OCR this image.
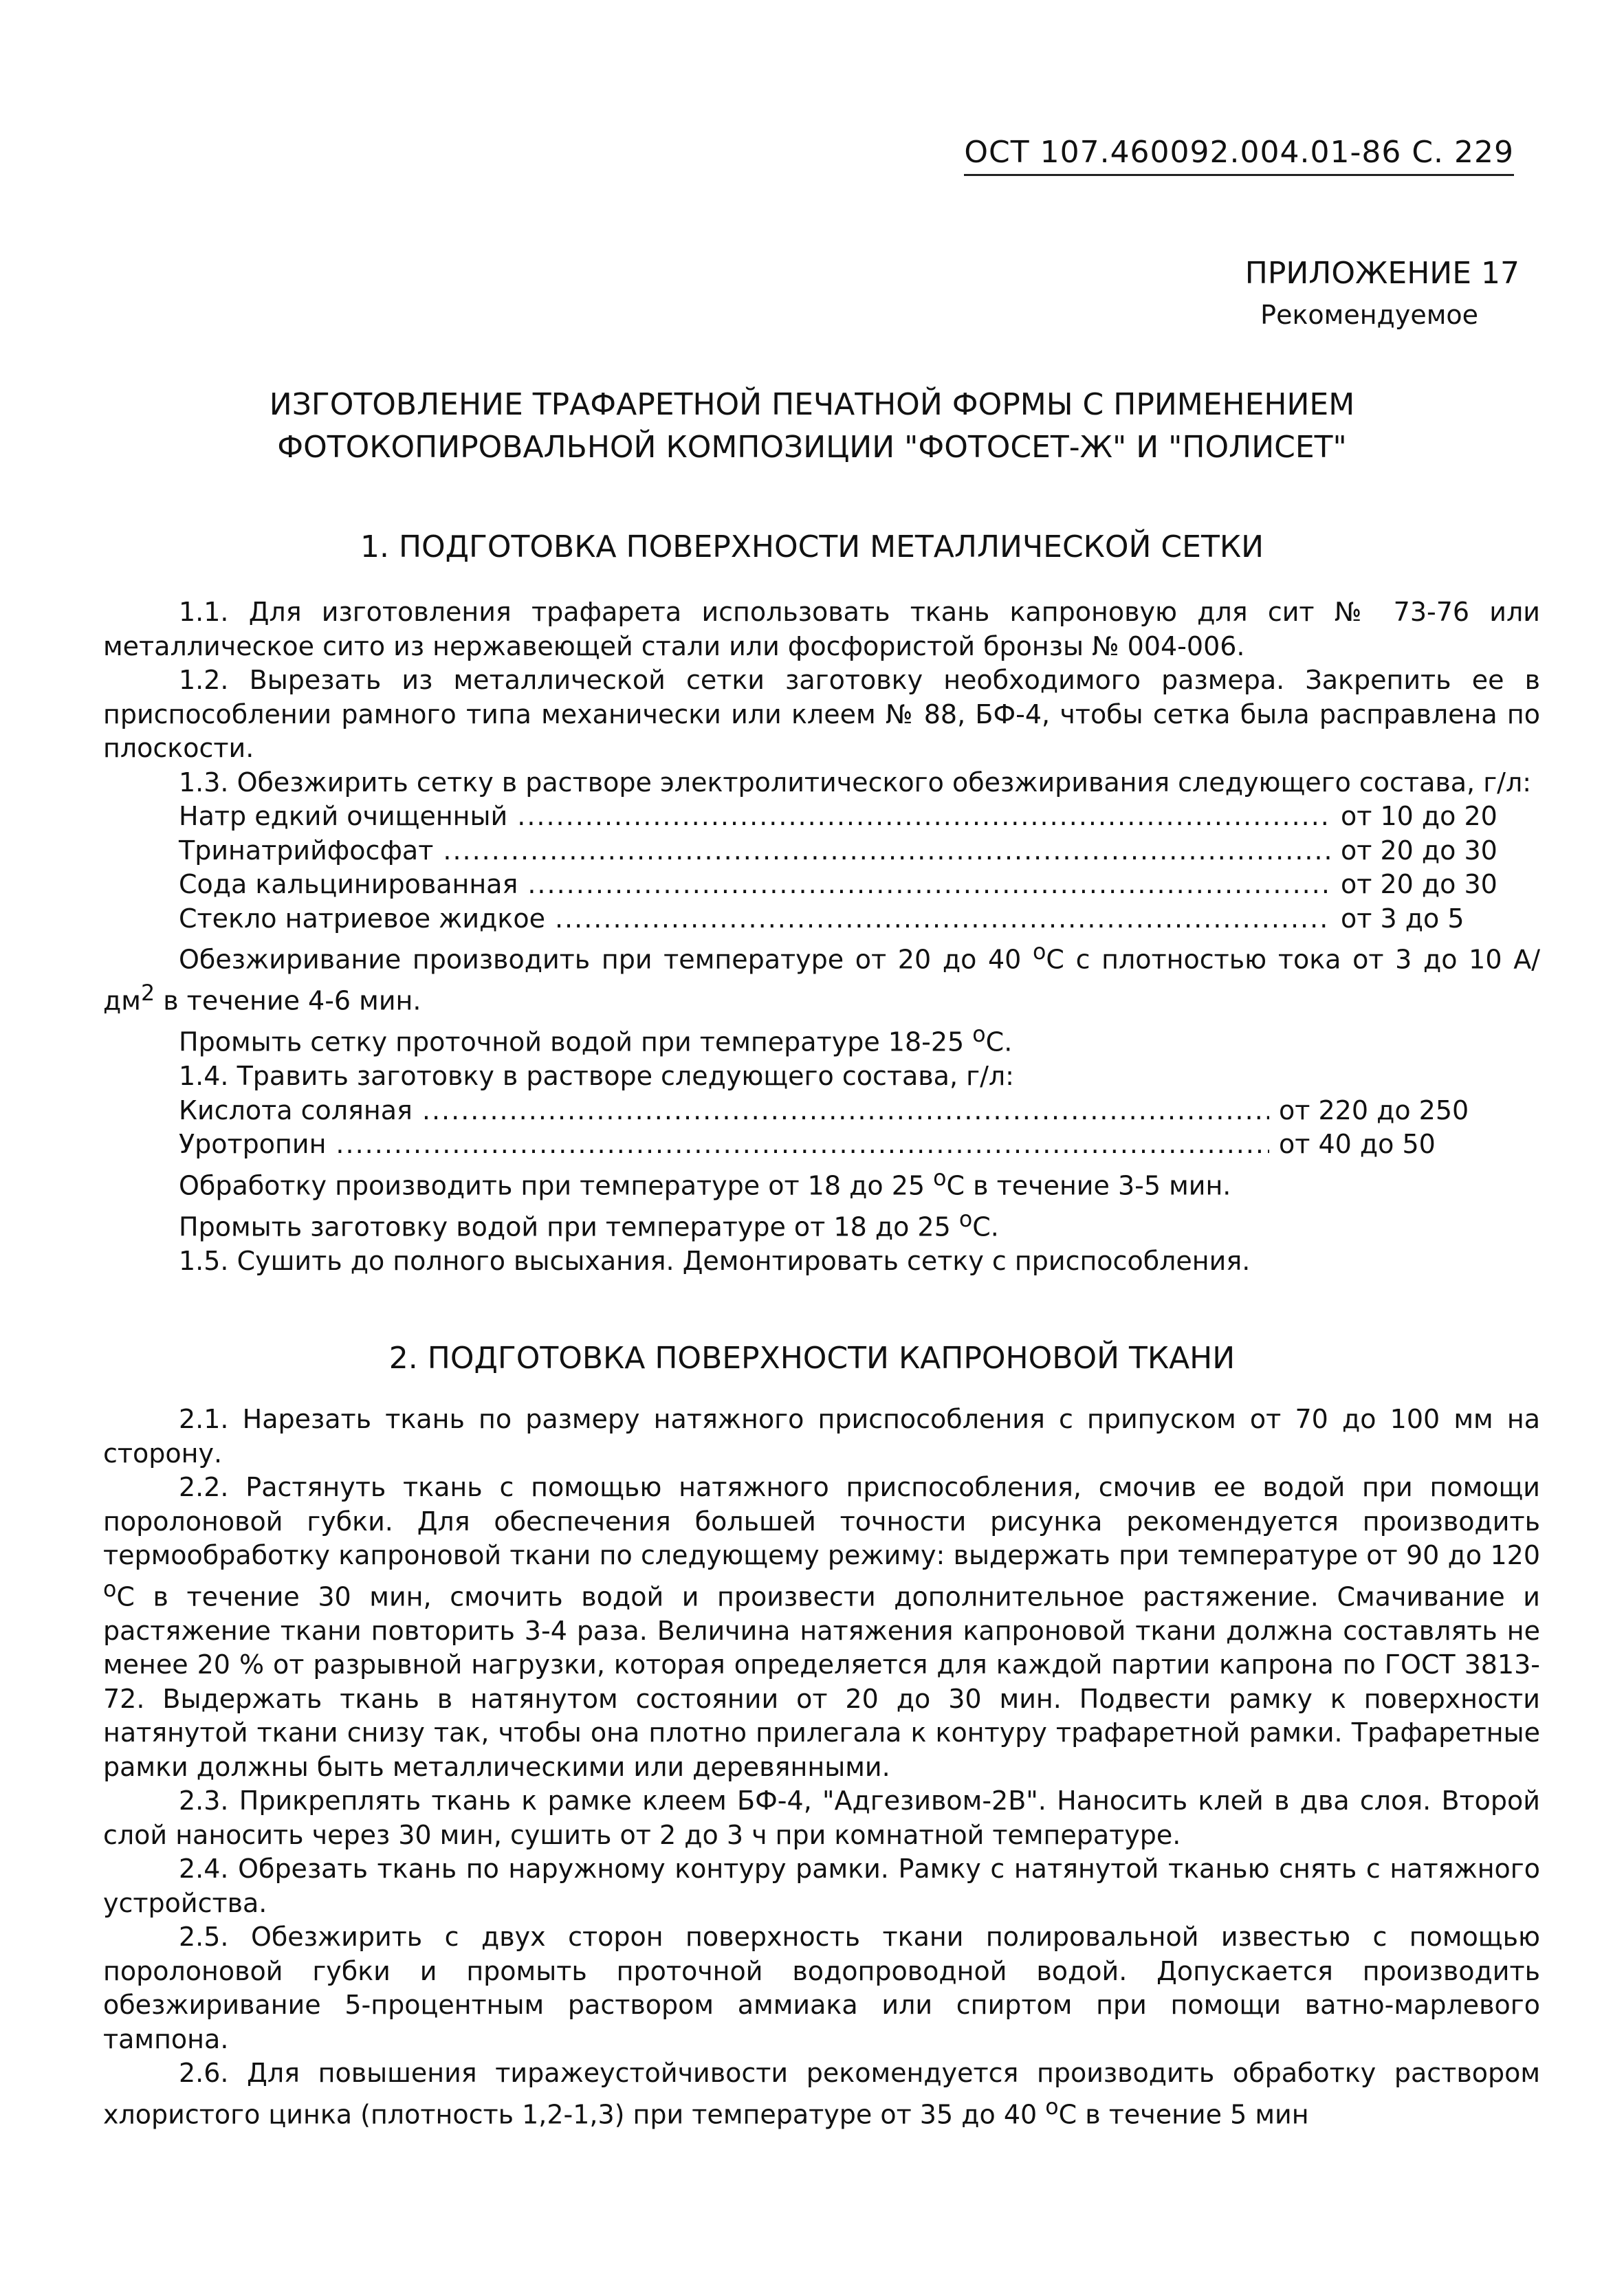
ОСТ 107.460092.004.01-86 С. 229
ПРИЛОЖЕНИЕ 17
Рекомендуемое
ИЗГОТОВЛЕНИЕ ТРАФАРЕТНОЙ ПЕЧАТНОЙ ФОРМЫ С ПРИМЕНЕНИЕМ
ФОТОКОПИРОВАЛЬНОЙ КОМПОЗИЦИИ "ФОТОСЕТ-Ж" И "ПОЛИСЕТ"
1. ПОДГОТОВКА ПОВЕРХНОСТИ МЕТАЛЛИЧЕСКОЙ СЕТКИ

1.1. Для изготовления трафарета использовать ткань капроновую для сит № 73-76 или металлическое сито из нержавеющей стали или фосфористой бронзы № 004-006.

1.2. Вырезать из металлической сетки заготовку необходимого размера. Закрепить ее в приспособлении рамного типа механически или клеем № 88, БФ-4, чтобы сетка была расправлена по плоскости.

1.3. Обезжирить сетку в растворе электролитического обезжиривания следующего состава, г/л:

Натр едкий очищенный .....	от 10 до 20
Тринатрийфосфат .....	от 20 до 30
Сода кальцинированная .....	от 20 до 30
Стекло натриевое жидкое .....	от 3 до 5

Обезжиривание производить при температуре от 20 до 40 $^о$С с плотностью тока от 3 до 10 $А/дм^2$ в течение 4-6 мин.

Промыть сетку проточной водой при температуре 18-25 $^о$С.

1.4. Травить заготовку в растворе следующего состава, г/л:

Кислота соляная .....	от 220 до 250
Уротропин .....	от 40 до 50

Обработку производить при температуре от 18 до 25 $^о$С в течение 3-5 мин.

Промыть заготовку водой при температуре от 18 до 25 $^о$С.

1.5. Сушить до полного высыхания. Демонтировать сетку с приспособления.

2. ПОДГОТОВКА ПОВЕРХНОСТИ КАПРОНОВОЙ ТКАНИ

2.1. Нарезать ткань по размеру натяжного приспособления с припуском от 70 до 100 мм на сторону.

2.2. Растянуть ткань с помощью натяжного приспособления, смочив ее водой при помощи поролоновой губки. Для обеспечения большей точности рисунка рекомендуется производить термообработку капроновой ткани по следующему режиму: выдержать при температуре от 90 до 120 $^о$С в течение 30 мин, смочить водой и произвести дополнительное растяжение. Смачивание и растяжение ткани повторить 3-4 раза. Величина натяжения капроновой ткани должна составлять не менее 20 % от разрывной нагрузки, которая определяется для каждой партии капрона по ГОСТ 3813-72. Выдержать ткань в натянутом состоянии от 20 до 30 мин. Подвести рамку к поверхности натянутой ткани снизу так, чтобы она плотно прилегала к контуру трафаретной рамки. Трафаретные рамки должны быть металлическими или деревянными.

2.3. Прикреплять ткань к рамке клеем БФ-4, "Адгезивом-2В". Наносить клей в два слоя. Второй слой наносить через 30 мин, сушить от 2 до 3 ч при комнатной температуре.

2.4. Обрезать ткань по наружному контуру рамки. Рамку с натянутой тканью снять с натяжного устройства.

2.5. Обезжирить с двух сторон поверхность ткани полировальной известью с помощью поролоновой губки и промыть проточной водопроводной водой. Допускается производить обезжиривание 5-процентным раствором аммиака или спиртом при помощи ватно-марлевого тампона.

2.6. Для повышения тиражеустойчивости рекомендуется производить обработку раствором хлористого цинка (плотность 1,2-1,3) при температуре от 35 до 40 $^о$С в течение 5 мин
